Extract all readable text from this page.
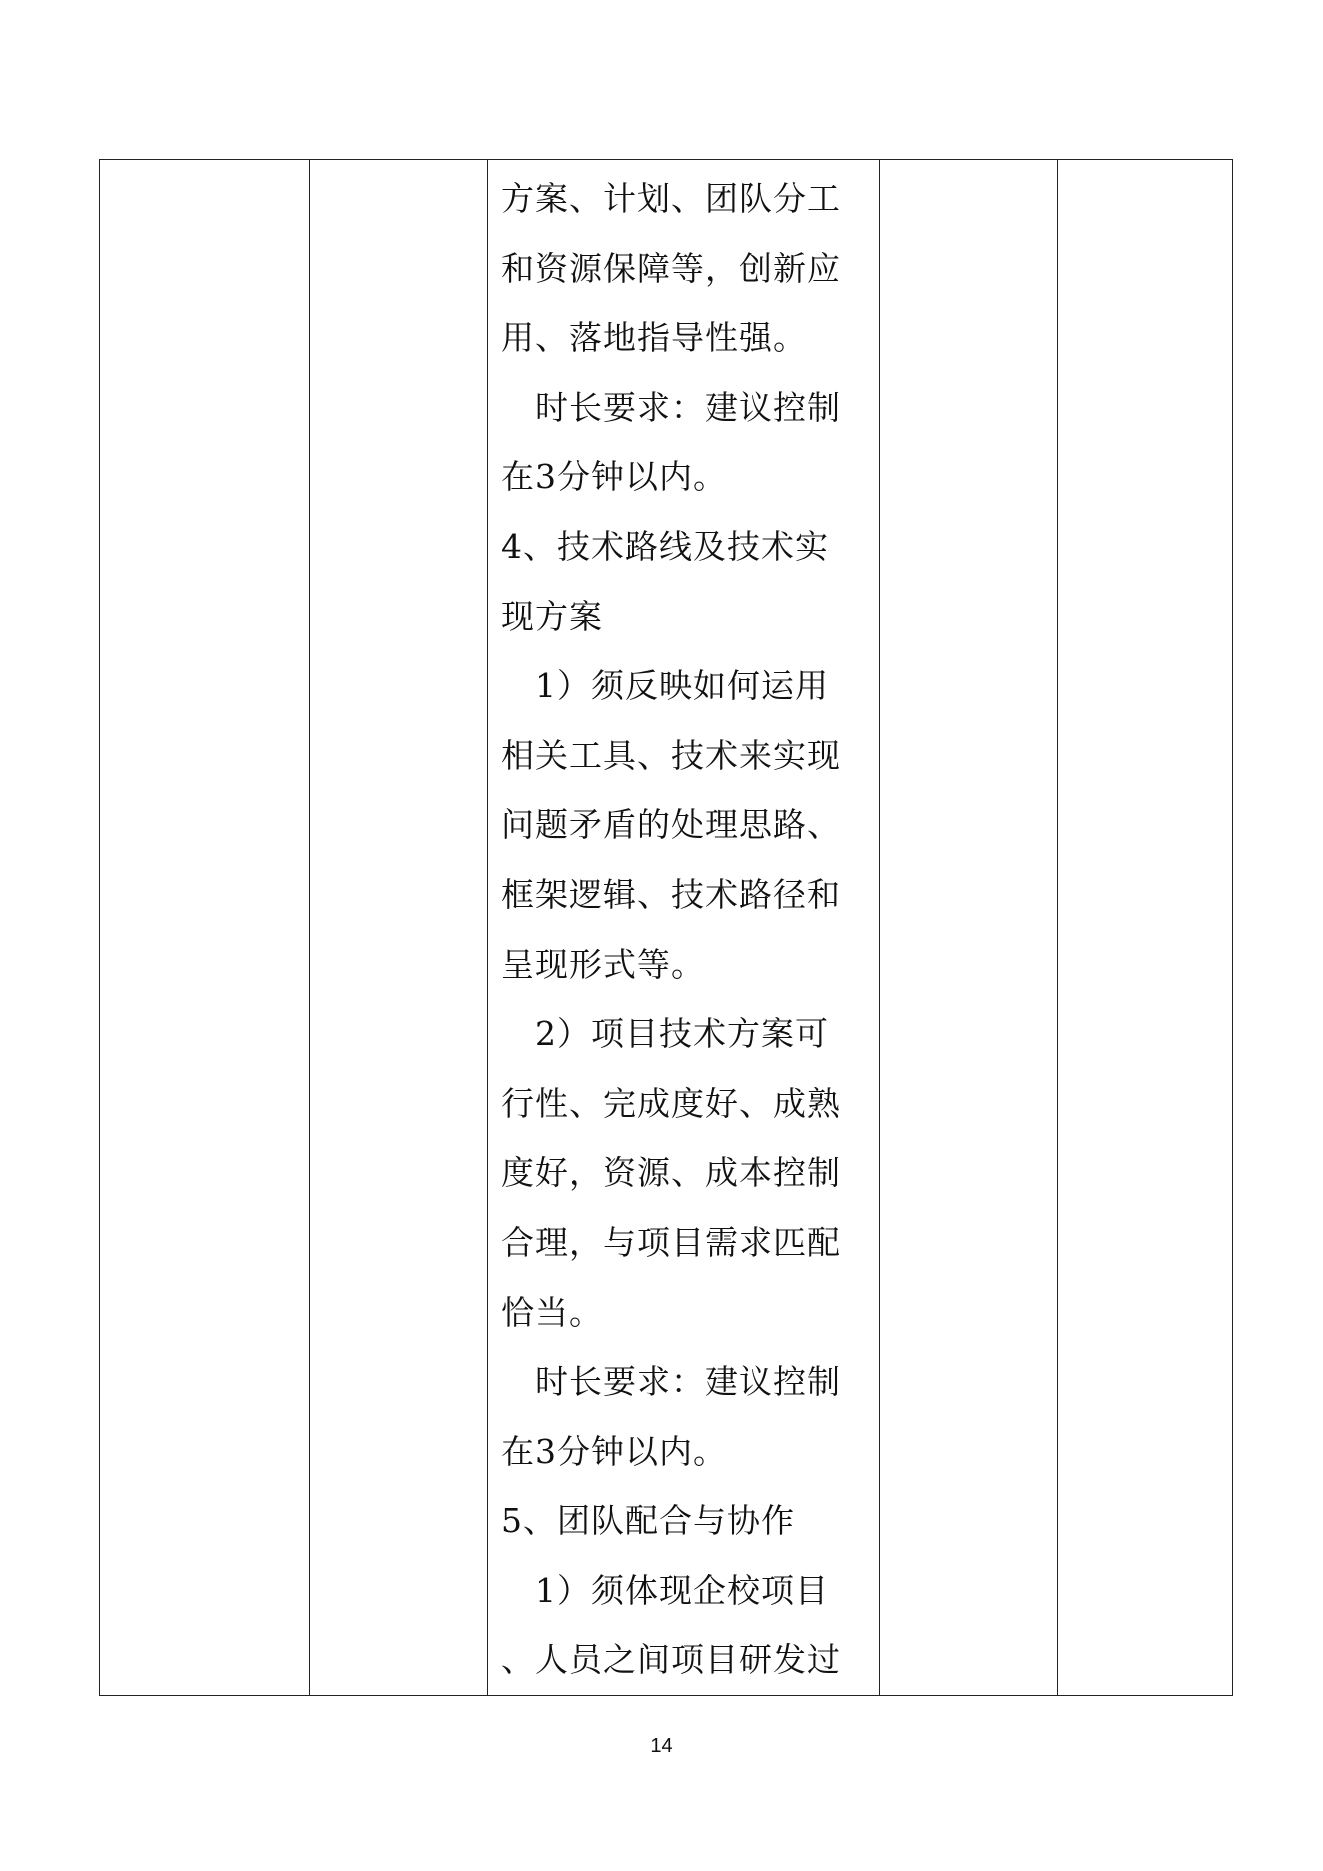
方案、计划、团队分工
和资源保障等，创新应
用、落地指导性强。
　时长要求：建议控制
在3分钟以内。
4、技术路线及技术实
现方案
　1）须反映如何运用
相关工具、技术来实现
问题矛盾的处理思路、
框架逻辑、技术路径和
呈现形式等。
　2）项目技术方案可
行性、完成度好、成熟
度好，资源、成本控制
合理，与项目需求匹配
恰当。
　时长要求：建议控制
在3分钟以内。
5、团队配合与协作
　1）须体现企校项目
、人员之间项目研发过

14
